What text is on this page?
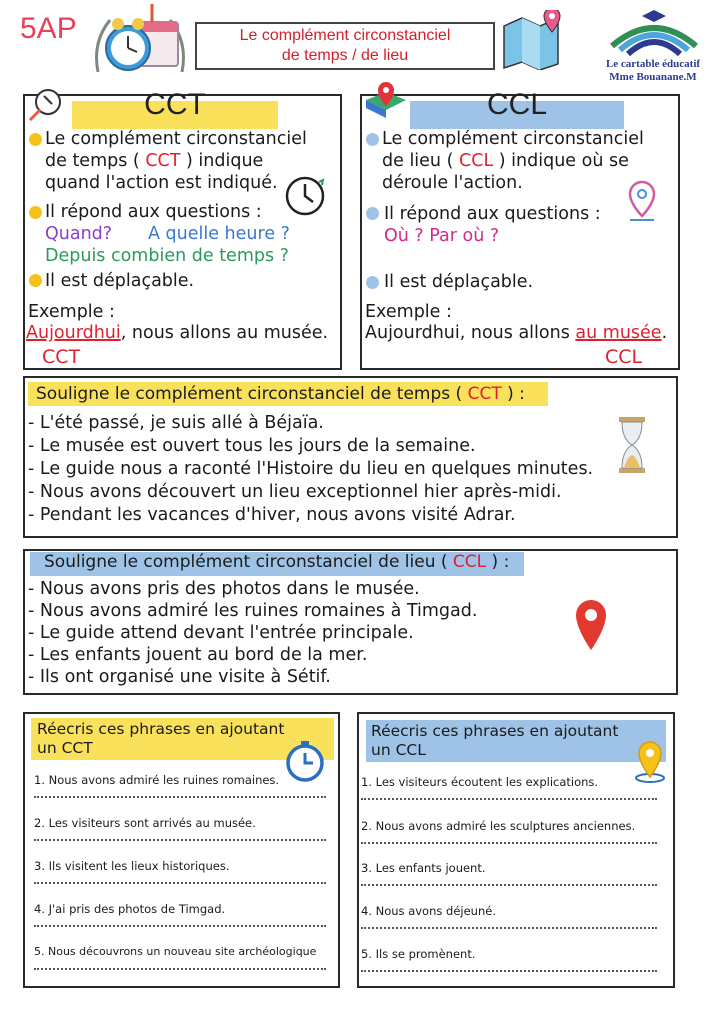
5AP	Le complément circonstanciel
de temps / de lieu	Le cartable éducatif
Mme Bouanane.M
CCT
Le complément circonstanciel
de temps ( CCT ) indique
quand l'action est indiqué.
Il répond aux questions :
Quand? A quelle heure ?
Depuis combien de temps ?
Il est déplaçable.
Exemple :
Aujourdhui, nous allons au musée.
CCT
CCL
Le complément circonstanciel
de lieu ( CCL ) indique où se
déroule l'action.
Il répond aux questions :
Où ? Par où ?
Il est déplaçable.
Exemple :
Aujourdhui, nous allons au musée.
CCL
Souligne le complément circonstanciel de temps ( CCT ) :
- L'été passé, je suis allé à Béjaïa.
- Le musée est ouvert tous les jours de la semaine.
- Le guide nous a raconté l'Histoire du lieu en quelques minutes.
- Nous avons découvert un lieu exceptionnel hier après-midi.
- Pendant les vacances d'hiver, nous avons visité Adrar.
Souligne le complément circonstanciel de lieu ( CCL ) :
- Nous avons pris des photos dans le musée.
- Nous avons admiré les ruines romaines à Timgad.
- Le guide attend devant l'entrée principale.
- Les enfants jouent au bord de la mer.
- Ils ont organisé une visite à Sétif.
Réecris ces phrases en ajoutant
un CCT
1. Nous avons admiré les ruines romaines.
2. Les visiteurs sont arrivés au musée.
3. Ils visitent les lieux historiques.
4. J'ai pris des photos de Timgad.
5. Nous découvrons un nouveau site archéologique
Réecris ces phrases en ajoutant
un CCL
1. Les visiteurs écoutent les explications.
2. Nous avons admiré les sculptures anciennes.
3. Les enfants jouent.
4. Nous avons déjeuné.
5. Ils se promènent.
